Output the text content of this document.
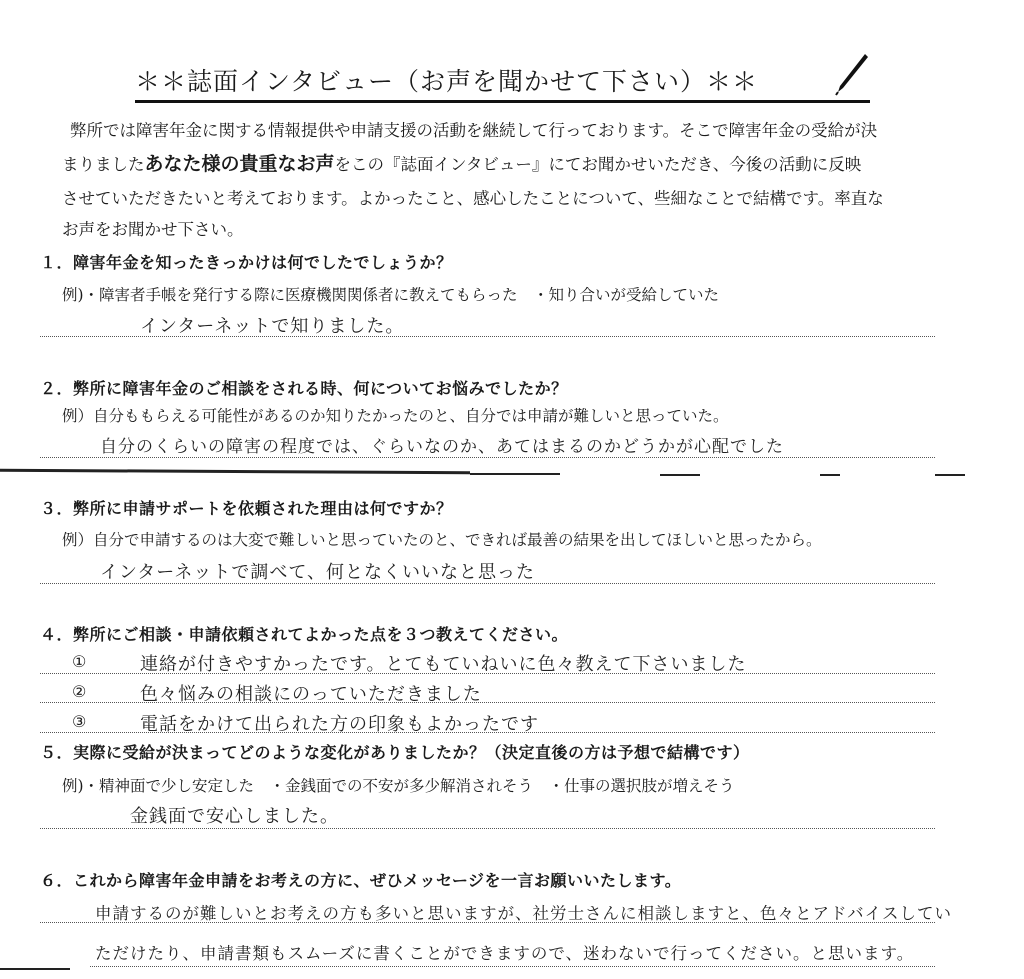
＊＊誌面インタビュー（お声を聞かせて下さい）＊＊
弊所では障害年金に関する情報提供や申請支援の活動を継続して行っております。そこで障害年金の受給が決
まりましたあなた様の貴重なお声をこの『誌面インタビュー』にてお聞かせいただき、今後の活動に反映
させていただきたいと考えております。よかったこと、感心したことについて、些細なことで結構です。率直な
お声をお聞かせ下さい。
１．障害年金を知ったきっかけは何でしたでしょうか？
例)・障害者手帳を発行する際に医療機関関係者に教えてもらった　・知り合いが受給していた
インターネットで知りました。
２．弊所に障害年金のご相談をされる時、何についてお悩みでしたか？
例）自分ももらえる可能性があるのか知りたかったのと、自分では申請が難しいと思っていた。
自分のくらいの障害の程度では、ぐらいなのか、あてはまるのかどうかが心配でした
３．弊所に申請サポートを依頼された理由は何ですか？
例）自分で申請するのは大変で難しいと思っていたのと、できれば最善の結果を出してほしいと思ったから。
インターネットで調べて、何となくいいなと思った
４．弊所にご相談・申請依頼されてよかった点を３つ教えてください。
①	連絡が付きやすかったです。とてもていねいに色々教えて下さいました
②	色々悩みの相談にのっていただきました
③	電話をかけて出られた方の印象もよかったです
５．実際に受給が決まってどのような変化がありましたか？（決定直後の方は予想で結構です）
例)・精神面で少し安定した　・金銭面での不安が多少解消されそう　・仕事の選択肢が増えそう
金銭面で安心しました。
６．これから障害年金申請をお考えの方に、ぜひメッセージを一言お願いいたします。
申請するのが難しいとお考えの方も多いと思いますが、社労士さんに相談しますと、色々とアドバイスしてい
ただけたり、申請書類もスムーズに書くことができますので、迷わないで行ってください。と思います。
